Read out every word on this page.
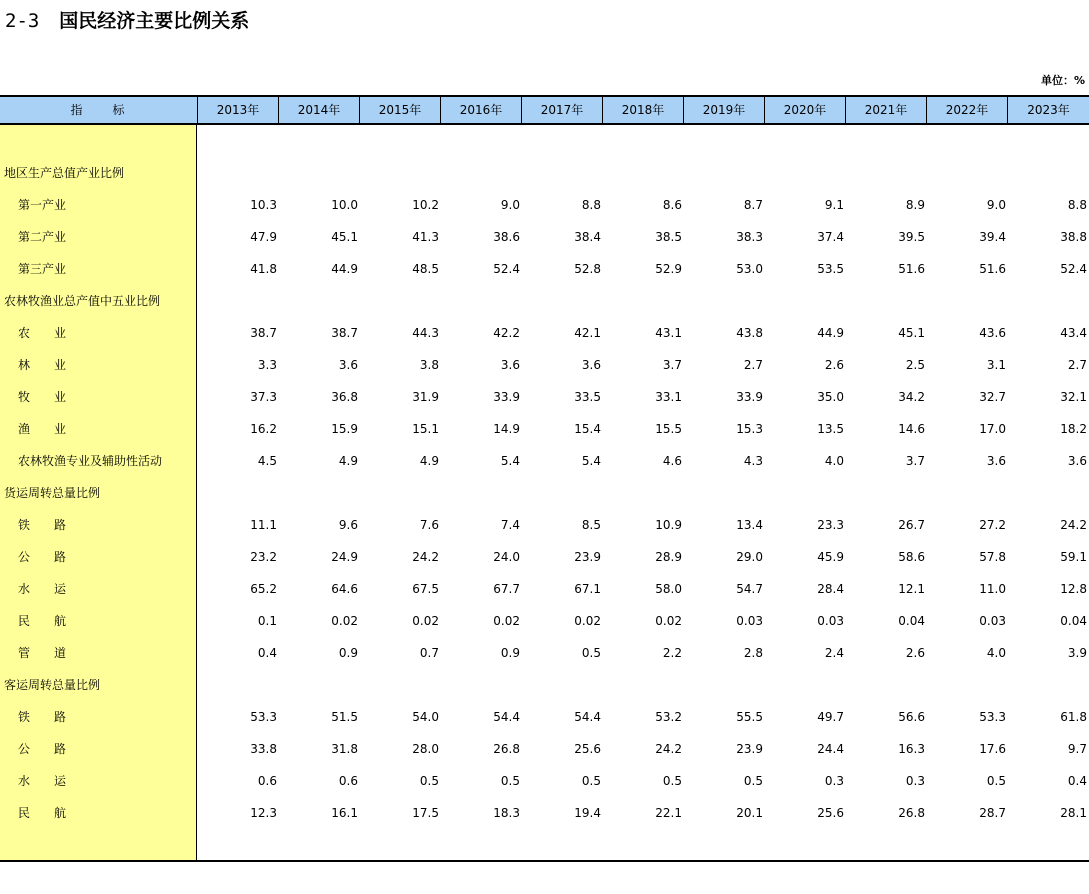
2-3 国民经济主要比例关系
单位：%
指　　标	2013年	2014年	2015年	2016年	2017年	2018年	2019年	2020年	2021年	2022年	2023年
地区生产总值产业比例
第一产业	10.3	10.0	10.2	9.0	8.8	8.6	8.7	9.1	8.9	9.0	8.8
第二产业	47.9	45.1	41.3	38.6	38.4	38.5	38.3	37.4	39.5	39.4	38.8
第三产业	41.8	44.9	48.5	52.4	52.8	52.9	53.0	53.5	51.6	51.6	52.4
农林牧渔业总产值中五业比例
农　　业	38.7	38.7	44.3	42.2	42.1	43.1	43.8	44.9	45.1	43.6	43.4
林　　业	3.3	3.6	3.8	3.6	3.6	3.7	2.7	2.6	2.5	3.1	2.7
牧　　业	37.3	36.8	31.9	33.9	33.5	33.1	33.9	35.0	34.2	32.7	32.1
渔　　业	16.2	15.9	15.1	14.9	15.4	15.5	15.3	13.5	14.6	17.0	18.2
农林牧渔专业及辅助性活动	4.5	4.9	4.9	5.4	5.4	4.6	4.3	4.0	3.7	3.6	3.6
货运周转总量比例
铁　　路	11.1	9.6	7.6	7.4	8.5	10.9	13.4	23.3	26.7	27.2	24.2
公　　路	23.2	24.9	24.2	24.0	23.9	28.9	29.0	45.9	58.6	57.8	59.1
水　　运	65.2	64.6	67.5	67.7	67.1	58.0	54.7	28.4	12.1	11.0	12.8
民　　航	0.1	0.02	0.02	0.02	0.02	0.02	0.03	0.03	0.04	0.03	0.04
管　　道	0.4	0.9	0.7	0.9	0.5	2.2	2.8	2.4	2.6	4.0	3.9
客运周转总量比例
铁　　路	53.3	51.5	54.0	54.4	54.4	53.2	55.5	49.7	56.6	53.3	61.8
公　　路	33.8	31.8	28.0	26.8	25.6	24.2	23.9	24.4	16.3	17.6	9.7
水　　运	0.6	0.6	0.5	0.5	0.5	0.5	0.5	0.3	0.3	0.5	0.4
民　　航	12.3	16.1	17.5	18.3	19.4	22.1	20.1	25.6	26.8	28.7	28.1
